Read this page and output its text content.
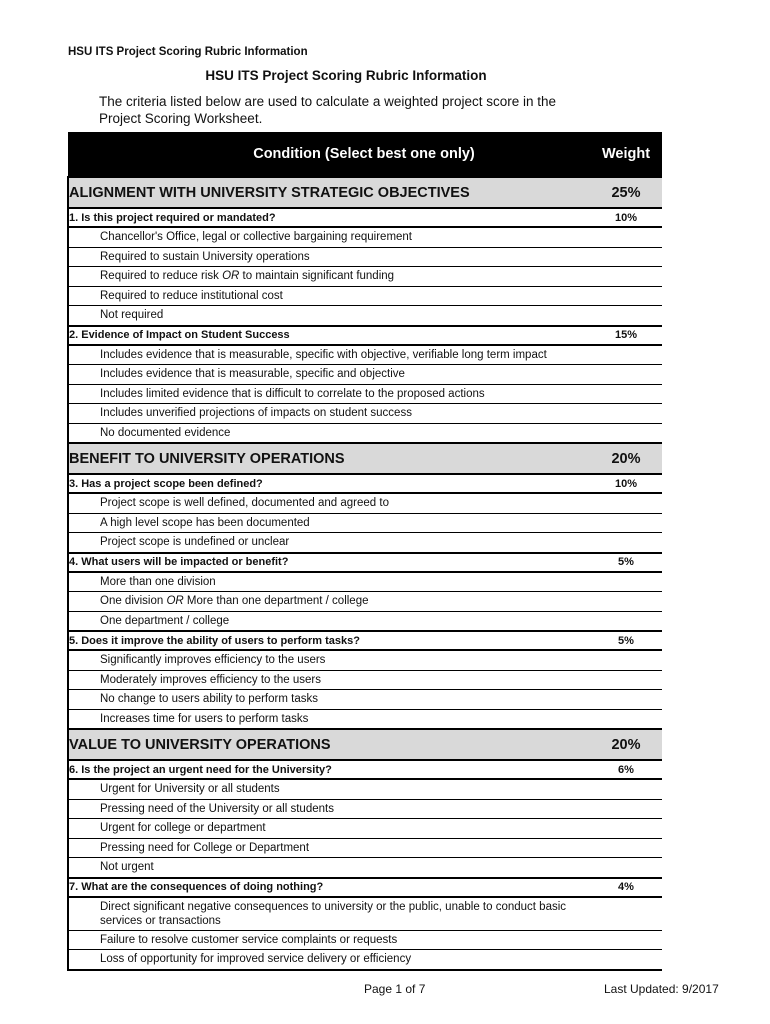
HSU ITS Project Scoring Rubric Information
HSU ITS Project Scoring Rubric Information
The criteria listed below are used to calculate a weighted project score in the Project Scoring Worksheet.
Condition (Select best one only)	Weight
ALIGNMENT WITH UNIVERSITY STRATEGIC OBJECTIVES	25%
1. Is this project required or mandated?	10%
Chancellor's Office, legal or collective bargaining requirement	
Required to sustain University operations	
Required to reduce risk OR to maintain significant funding	
Required to reduce institutional cost	
Not required	
2. Evidence of Impact on Student Success	15%
Includes evidence that is measurable, specific with objective, verifiable long term impact	
Includes evidence that is measurable, specific and objective	
Includes limited evidence that is difficult to correlate to the proposed actions	
Includes unverified projections of impacts on student success	
No documented evidence	
BENEFIT TO UNIVERSITY OPERATIONS	20%
3. Has a project scope been defined?	10%
Project scope is well defined, documented and agreed to	
A high level scope has been documented	
Project scope is undefined or unclear	
4. What users will be impacted or benefit?	5%
More than one division	
One division OR More than one department / college	
One department / college	
5. Does it improve the ability of users to perform tasks?	5%
Significantly improves efficiency to the users	
Moderately improves efficiency to the users	
No change to users ability to perform tasks	
Increases time for users to perform tasks	
VALUE TO UNIVERSITY OPERATIONS	20%
6. Is the project an urgent need for the University?	6%
Urgent for University or all students	
Pressing need of the University or all students	
Urgent for college or department	
Pressing need for College or Department	
Not urgent	
7. What are the consequences of doing nothing?	4%
Direct significant negative consequences to university or the public, unable to conduct basic services or transactions	
Failure to resolve customer service complaints or requests	
Loss of opportunity for improved service delivery or efficiency	
Page 1 of 7	Last Updated: 9/2017
